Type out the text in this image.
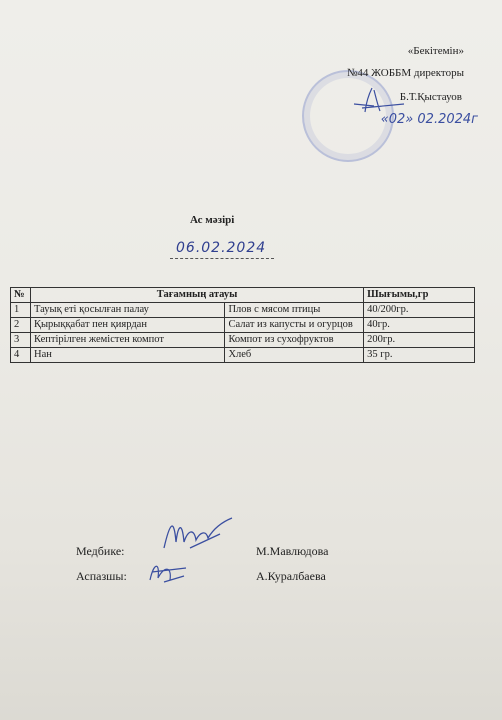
«Бекітемін»
№44 ЖОББМ директоры
Б.Т.Қыстауов
«02» 02.2024г
Ас мәзірі
06.02.2024
№	Тағамның атауы		Шығымы,гр
1	Тауық еті қосылған палау	Плов с мясом птицы	40/200гр.
2	Қырыққабат пен қиярдан	Салат из капусты и огурцов	40гр.
3	Кептірілген жемістен компот	Компот из сухофруктов	200гр.
4	Нан	Хлеб	35 гр.
Медбике:	М.Мавлюдова
Аспазшы:	А.Куралбаева
